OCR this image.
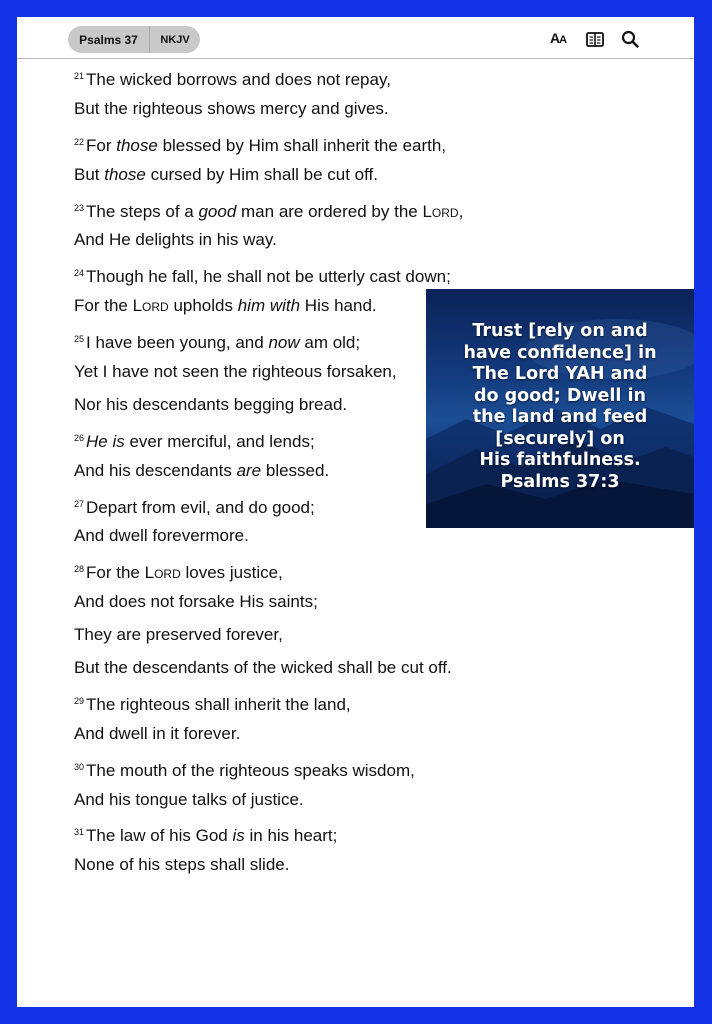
Psalms 37	NKJV	AA
$^{21}$ The wicked borrows and does not repay,
But the righteous shows mercy and gives.
$^{22}$ For those blessed by Him shall inherit the earth,
But those cursed by Him shall be cut off.
$^{23}$ The steps of a good man are ordered by the Lord,
And He delights in his way.
$^{24}$ Though he fall, he shall not be utterly cast down;
For the Lord upholds him with His hand.
$^{25}$ I have been young, and now am old;
Yet I have not seen the righteous forsaken,
Nor his descendants begging bread.
$^{26}$ He is ever merciful, and lends;
And his descendants are blessed.
$^{27}$ Depart from evil, and do good;
And dwell forevermore.
$^{28}$ For the Lord loves justice,
And does not forsake His saints;
They are preserved forever,
But the descendants of the wicked shall be cut off.
$^{29}$ The righteous shall inherit the land,
And dwell in it forever.
$^{30}$ The mouth of the righteous speaks wisdom,
And his tongue talks of justice.
$^{31}$ The law of his God is in his heart;
None of his steps shall slide.
Trust [rely on and
have confidence] in
The Lord YAH and
do good; Dwell in
the land and feed
[securely] on
His faithfulness.
Psalms 37:3
